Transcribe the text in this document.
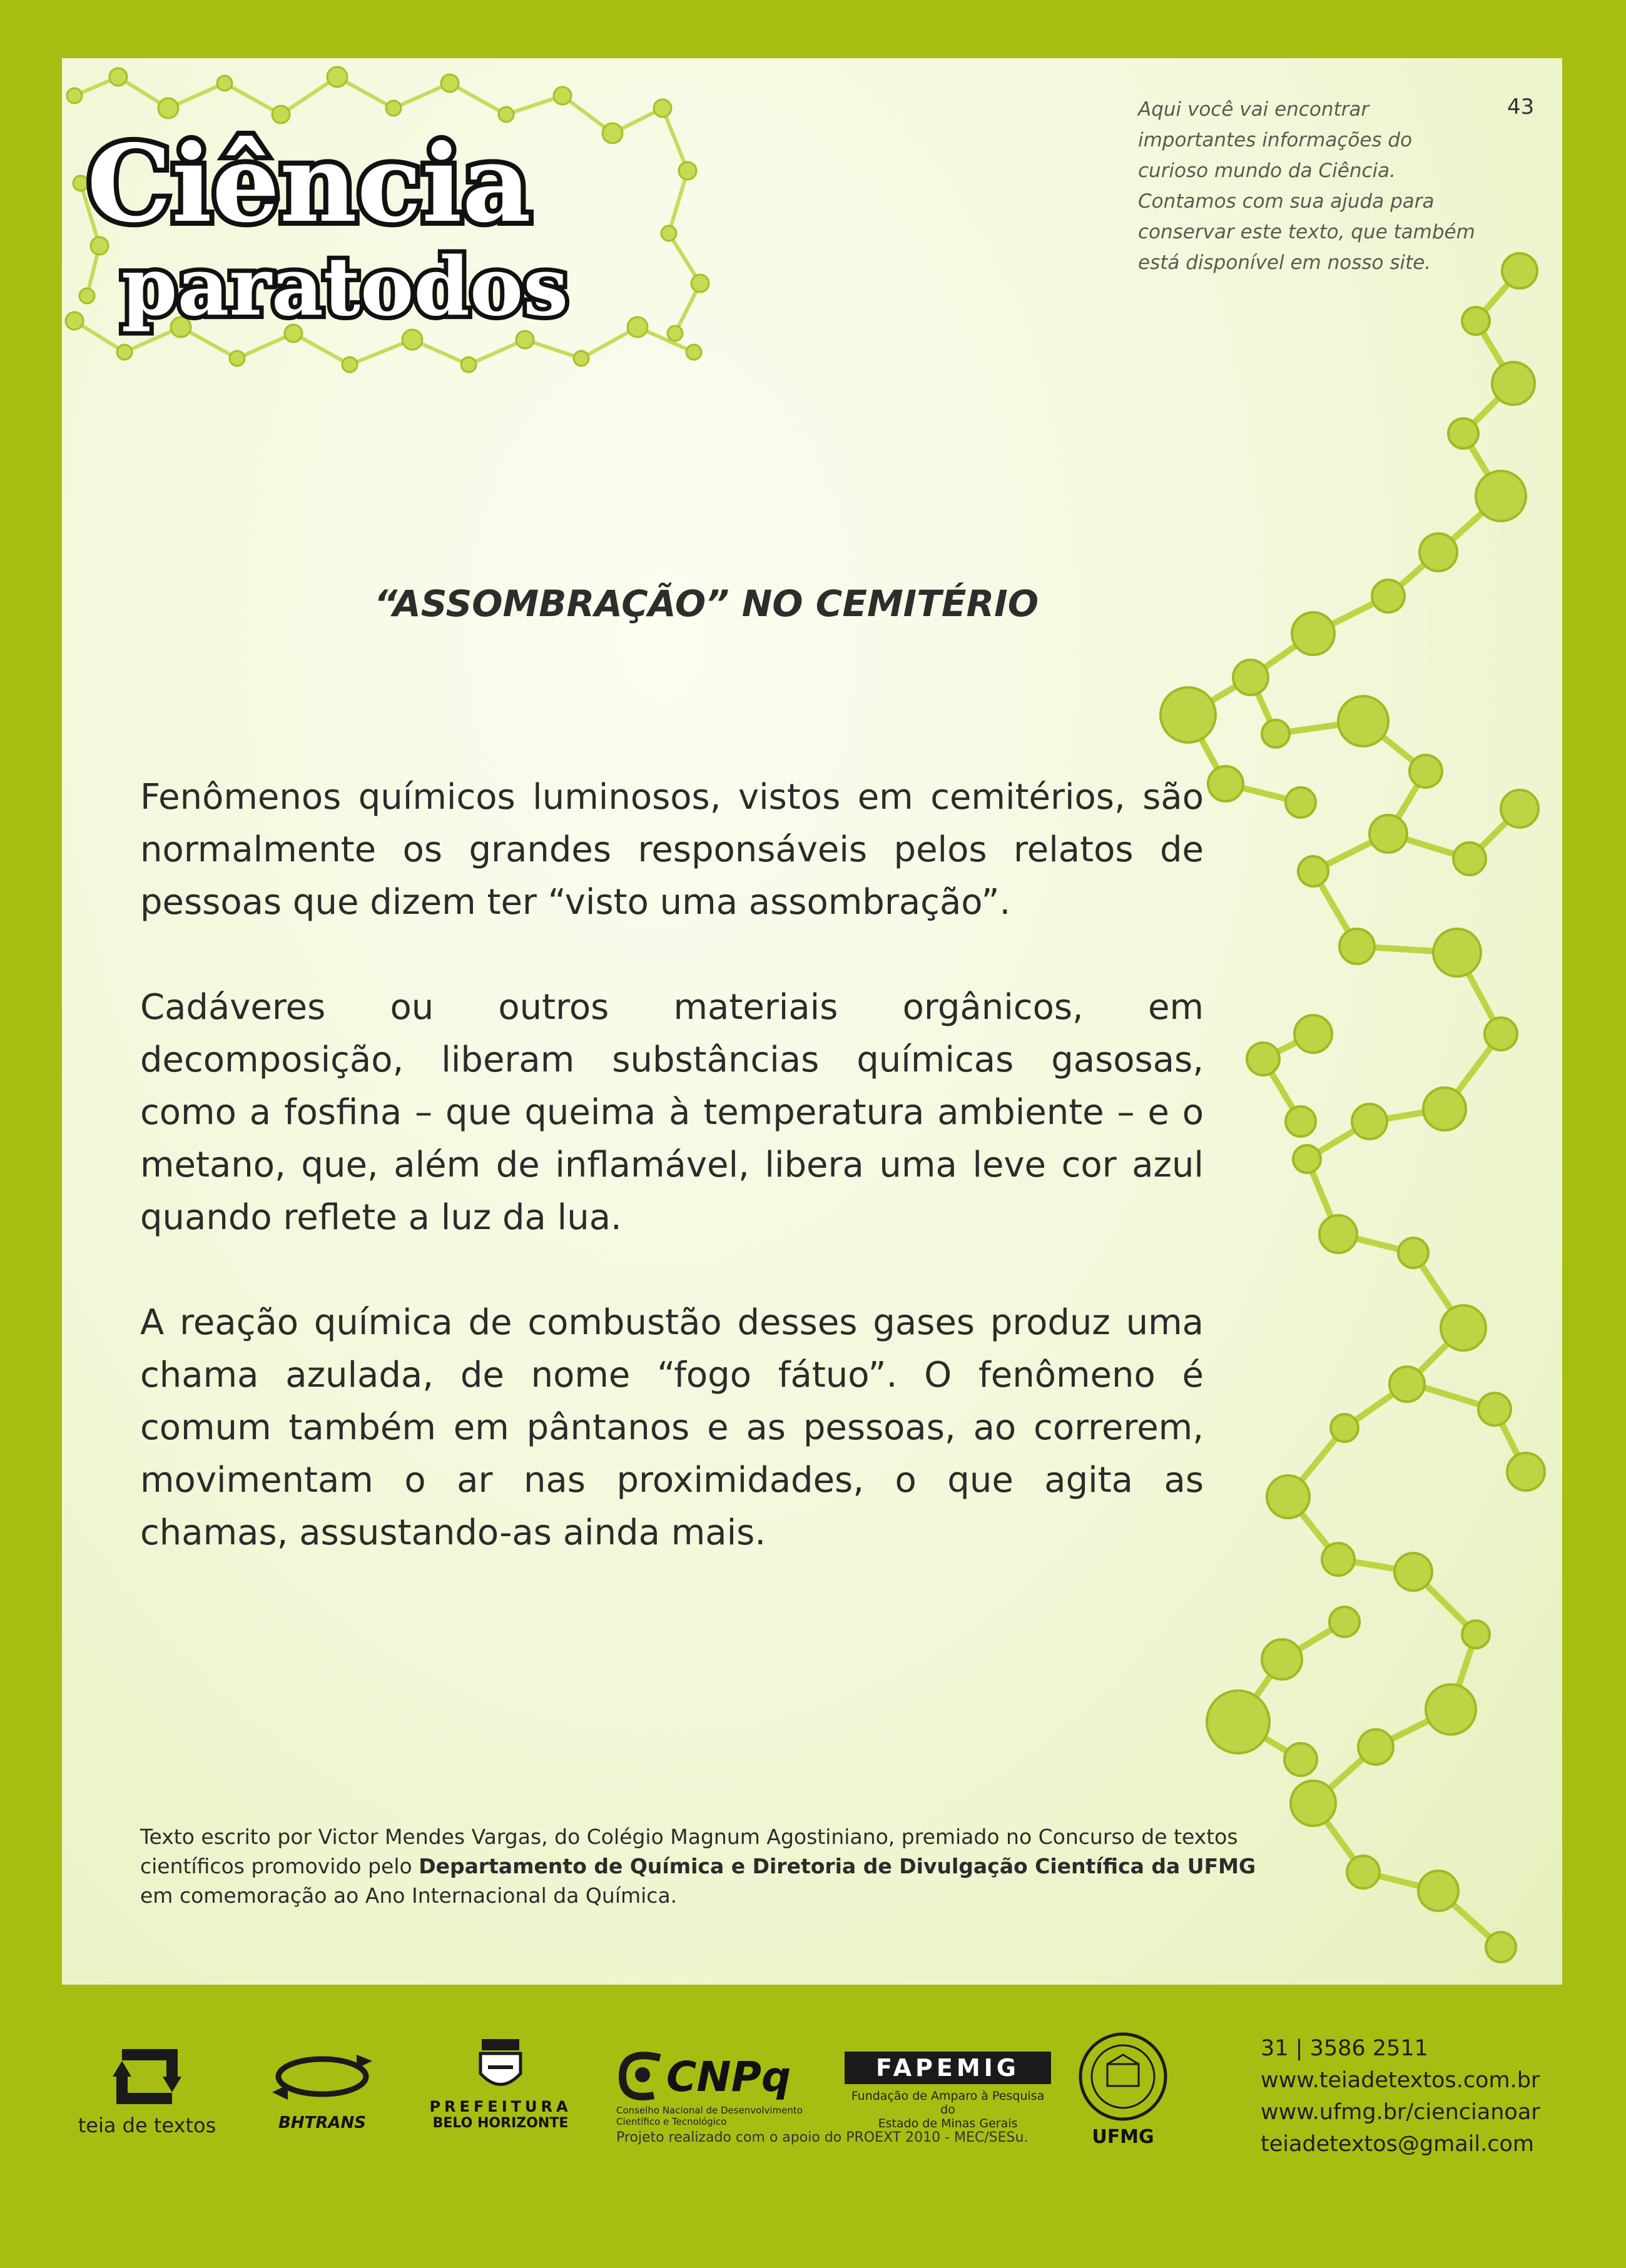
Ciência
paratodos
Aqui você vai encontrar
importantes informações do
curioso mundo da Ciência.
Contamos com sua ajuda para
conservar este texto, que também
está disponível em nosso site.
43
“ASSOMBRAÇÃO” NO CEMITÉRIO

Fenômenos químicos luminosos, vistos em cemitérios, são normalmente os grandes responsáveis pelos relatos de pessoas que dizem ter “visto uma assombração”.

Cadáveres ou outros materiais orgânicos, em decomposição, liberam substâncias químicas gasosas, como a fosfina – que queima à temperatura ambiente – e o metano, que, além de inflamável, libera uma leve cor azul quando reflete a luz da lua.

A reação química de combustão desses gases produz uma chama azulada, de nome “fogo fátuo”. O fenômeno é comum também em pântanos e as pessoas, ao correrem, movimentam o ar nas proximidades, o que agita as chamas, assustando-as ainda mais.

Texto escrito por Victor Mendes Vargas, do Colégio Magnum Agostiniano, premiado no Concurso de textos científicos promovido pelo Departamento de Química e Diretoria de Divulgação Científica da UFMG em comemoração ao Ano Internacional da Química.
teia de textos	BHTRANS
PREFEITURA
BELO HORIZONTE
CNPq
Conselho Nacional de Desenvolvimento
Científico e Tecnológico
FAPEMIG
Fundação de Amparo à Pesquisa do
Estado de Minas Gerais
UFMG
Projeto realizado com o apoio do PROEXT 2010 - MEC/SESu.
31 | 3586 2511
www.teiadetextos.com.br
www.ufmg.br/ciencianoar
teiadetextos@gmail.com
